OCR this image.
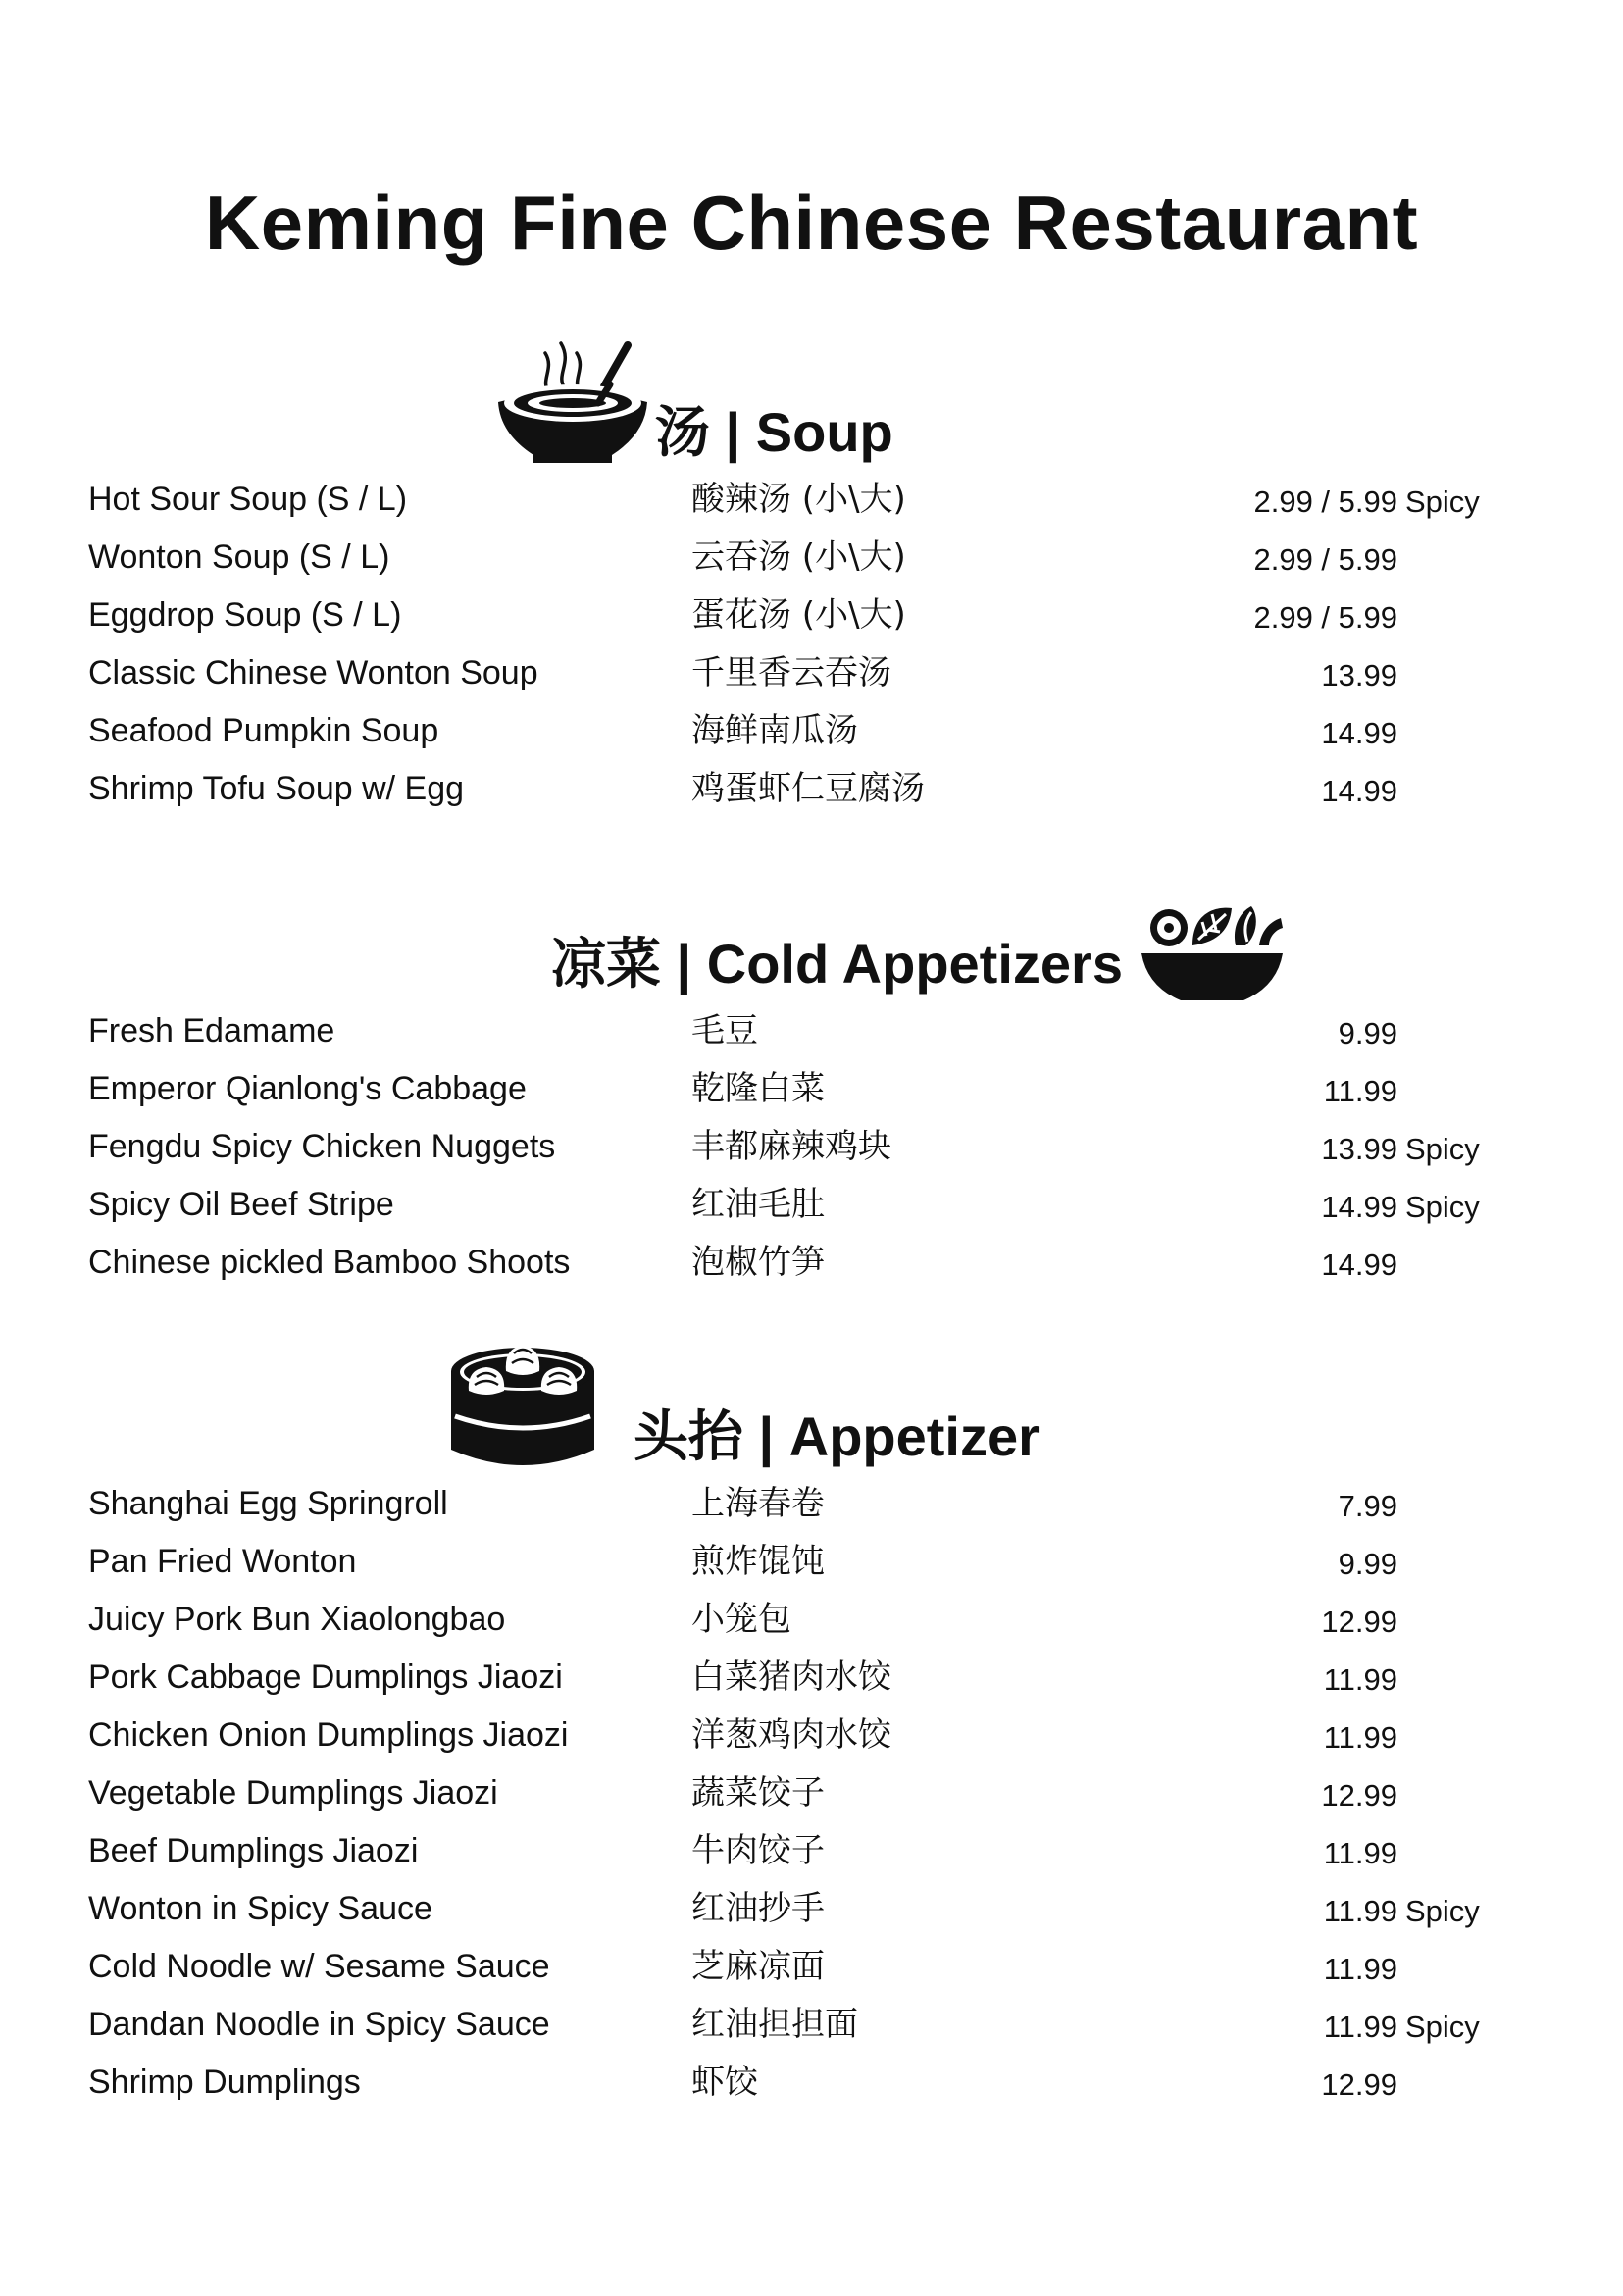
Keming Fine Chinese Restaurant
汤 | Soup
Hot Sour Soup (S / L)	酸辣汤 (小\大)	2.99 / 5.99 Spicy
Wonton Soup (S / L)	云吞汤 (小\大)	2.99 / 5.99
Eggdrop Soup (S / L)	蛋花汤 (小\大)	2.99 / 5.99
Classic Chinese Wonton Soup	千里香云吞汤	13.99
Seafood Pumpkin Soup	海鲜南瓜汤	14.99
Shrimp Tofu Soup w/ Egg	鸡蛋虾仁豆腐汤	14.99
凉菜 | Cold Appetizers
Fresh Edamame	毛豆	9.99
Emperor Qianlong's Cabbage	乾隆白菜	11.99
Fengdu Spicy Chicken Nuggets	丰都麻辣鸡块	13.99 Spicy
Spicy Oil Beef Stripe	红油毛肚	14.99 Spicy
Chinese pickled Bamboo Shoots	泡椒竹笋	14.99
头抬 | Appetizer
Shanghai Egg Springroll	上海春卷	7.99
Pan Fried Wonton	煎炸馄饨	9.99
Juicy Pork Bun Xiaolongbao	小笼包	12.99
Pork Cabbage Dumplings Jiaozi	白菜猪肉水饺	11.99
Chicken Onion Dumplings Jiaozi	洋葱鸡肉水饺	11.99
Vegetable Dumplings Jiaozi	蔬菜饺子	12.99
Beef Dumplings Jiaozi	牛肉饺子	11.99
Wonton in Spicy Sauce	红油抄手	11.99 Spicy
Cold Noodle w/ Sesame Sauce	芝麻凉面	11.99
Dandan Noodle in Spicy Sauce	红油担担面	11.99 Spicy
Shrimp Dumplings	虾饺	12.99
